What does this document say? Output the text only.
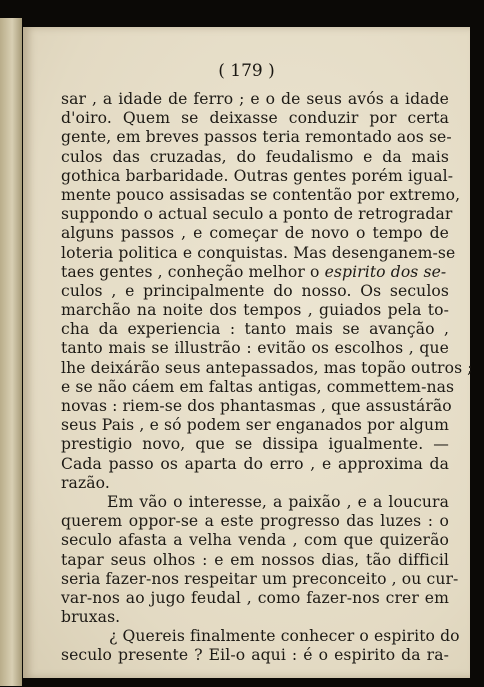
( 179 )
sar , a idade de ferro ; e o de seus avós a idade
d'oiro. Quem se deixasse conduzir por certa
gente, em breves passos teria remontado aos se-
culos das cruzadas, do feudalismo e da mais
gothica barbaridade. Outras gentes porém igual-
mente pouco assisadas se contentão por extremo,
suppondo o actual seculo a ponto de retrogradar
alguns passos , e começar de novo o tempo de
loteria politica e conquistas. Mas desenganem-se
taes gentes , conheção melhor o espirito dos se-
culos , e principalmente do nosso. Os seculos
marchão na noite dos tempos , guiados pela to-
cha da experiencia : tanto mais se avanção ,
tanto mais se illustrão : evitão os escolhos , que
lhe deixárão seus antepassados, mas topão outros ;
e se não cáem em faltas antigas, commettem-nas
novas : riem-se dos phantasmas , que assustárão
seus Pais , e só podem ser enganados por algum
prestigio novo, que se dissipa igualmente. —
Cada passo os aparta do erro , e approxima da
razão.
Em vão o interesse, a paixão , e a loucura
querem oppor-se a este progresso das luzes : o
seculo afasta a velha venda , com que quizerão
tapar seus olhos : e em nossos dias, tão difficil
seria fazer-nos respeitar um preconceito , ou cur-
var-nos ao jugo feudal , como fazer-nos crer em
bruxas.
¿ Quereis finalmente conhecer o espirito do
seculo presente ? Eil-o aqui : é o espirito da ra-
